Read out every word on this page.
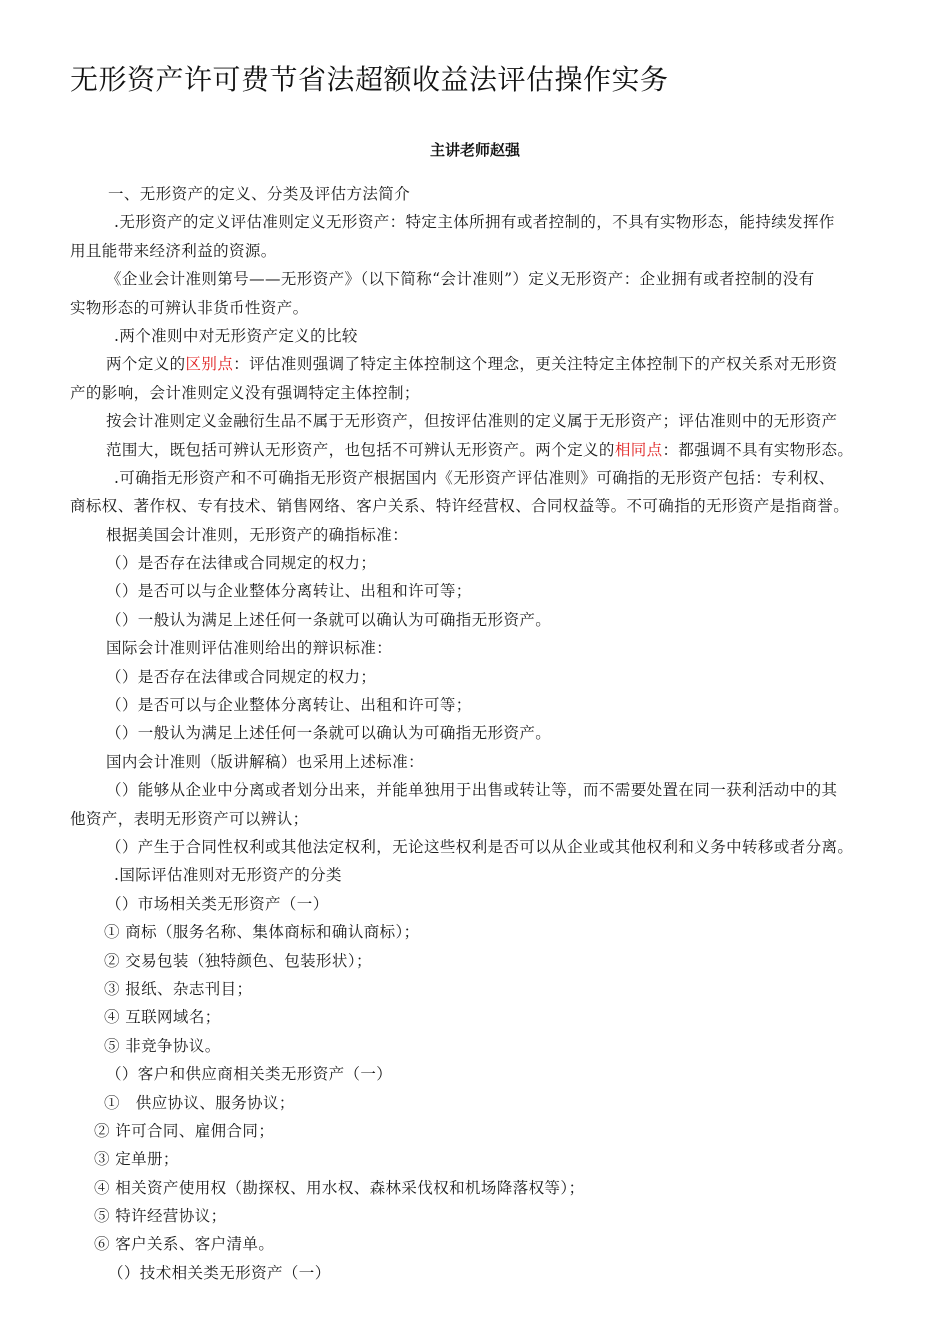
无形资产许可费节省法超额收益法评估操作实务
主讲老师赵强
一、无形资产的定义、分类及评估方法简介
.无形资产的定义评估准则定义无形资产：特定主体所拥有或者控制的，不具有实物形态，能持续发挥作
用且能带来经济利益的资源。
《企业会计准则第号——无形资产》（以下简称“会计准则”）定义无形资产：企业拥有或者控制的没有
实物形态的可辨认非货币性资产。
.两个准则中对无形资产定义的比较
两个定义的区别点：评估准则强调了特定主体控制这个理念，更关注特定主体控制下的产权关系对无形资
产的影响，会计准则定义没有强调特定主体控制；
按会计准则定义金融衍生品不属于无形资产，但按评估准则的定义属于无形资产；评估准则中的无形资产
范围大，既包括可辨认无形资产，也包括不可辨认无形资产。两个定义的相同点：都强调不具有实物形态。
.可确指无形资产和不可确指无形资产根据国内《无形资产评估准则》可确指的无形资产包括：专利权、
商标权、著作权、专有技术、销售网络、客户关系、特许经营权、合同权益等。不可确指的无形资产是指商誉。
根据美国会计准则，无形资产的确指标准：
（）是否存在法律或合同规定的权力；
（）是否可以与企业整体分离转让、出租和许可等；
（）一般认为满足上述任何一条就可以确认为可确指无形资产。
国际会计准则评估准则给出的辩识标准：
（）是否存在法律或合同规定的权力；
（）是否可以与企业整体分离转让、出租和许可等；
（）一般认为满足上述任何一条就可以确认为可确指无形资产。
国内会计准则（版讲解稿）也采用上述标准：
（）能够从企业中分离或者划分出来，并能单独用于出售或转让等，而不需要处置在同一获利活动中的其
他资产，表明无形资产可以辨认；
（）产生于合同性权利或其他法定权利，无论这些权利是否可以从企业或其他权利和义务中转移或者分离。
.国际评估准则对无形资产的分类
（）市场相关类无形资产（一）
① 商标（服务名称、集体商标和确认商标）；
② 交易包装（独特颜色、包装形状）；
③ 报纸、杂志刊目；
④ 互联网域名；
⑤ 非竞争协议。
（）客户和供应商相关类无形资产（一）
①　供应协议、服务协议；
② 许可合同、雇佣合同；
③ 定单册；
④ 相关资产使用权（勘探权、用水权、森林采伐权和机场降落权等）；
⑤ 特许经营协议；
⑥ 客户关系、客户清单。
（）技术相关类无形资产（一）
